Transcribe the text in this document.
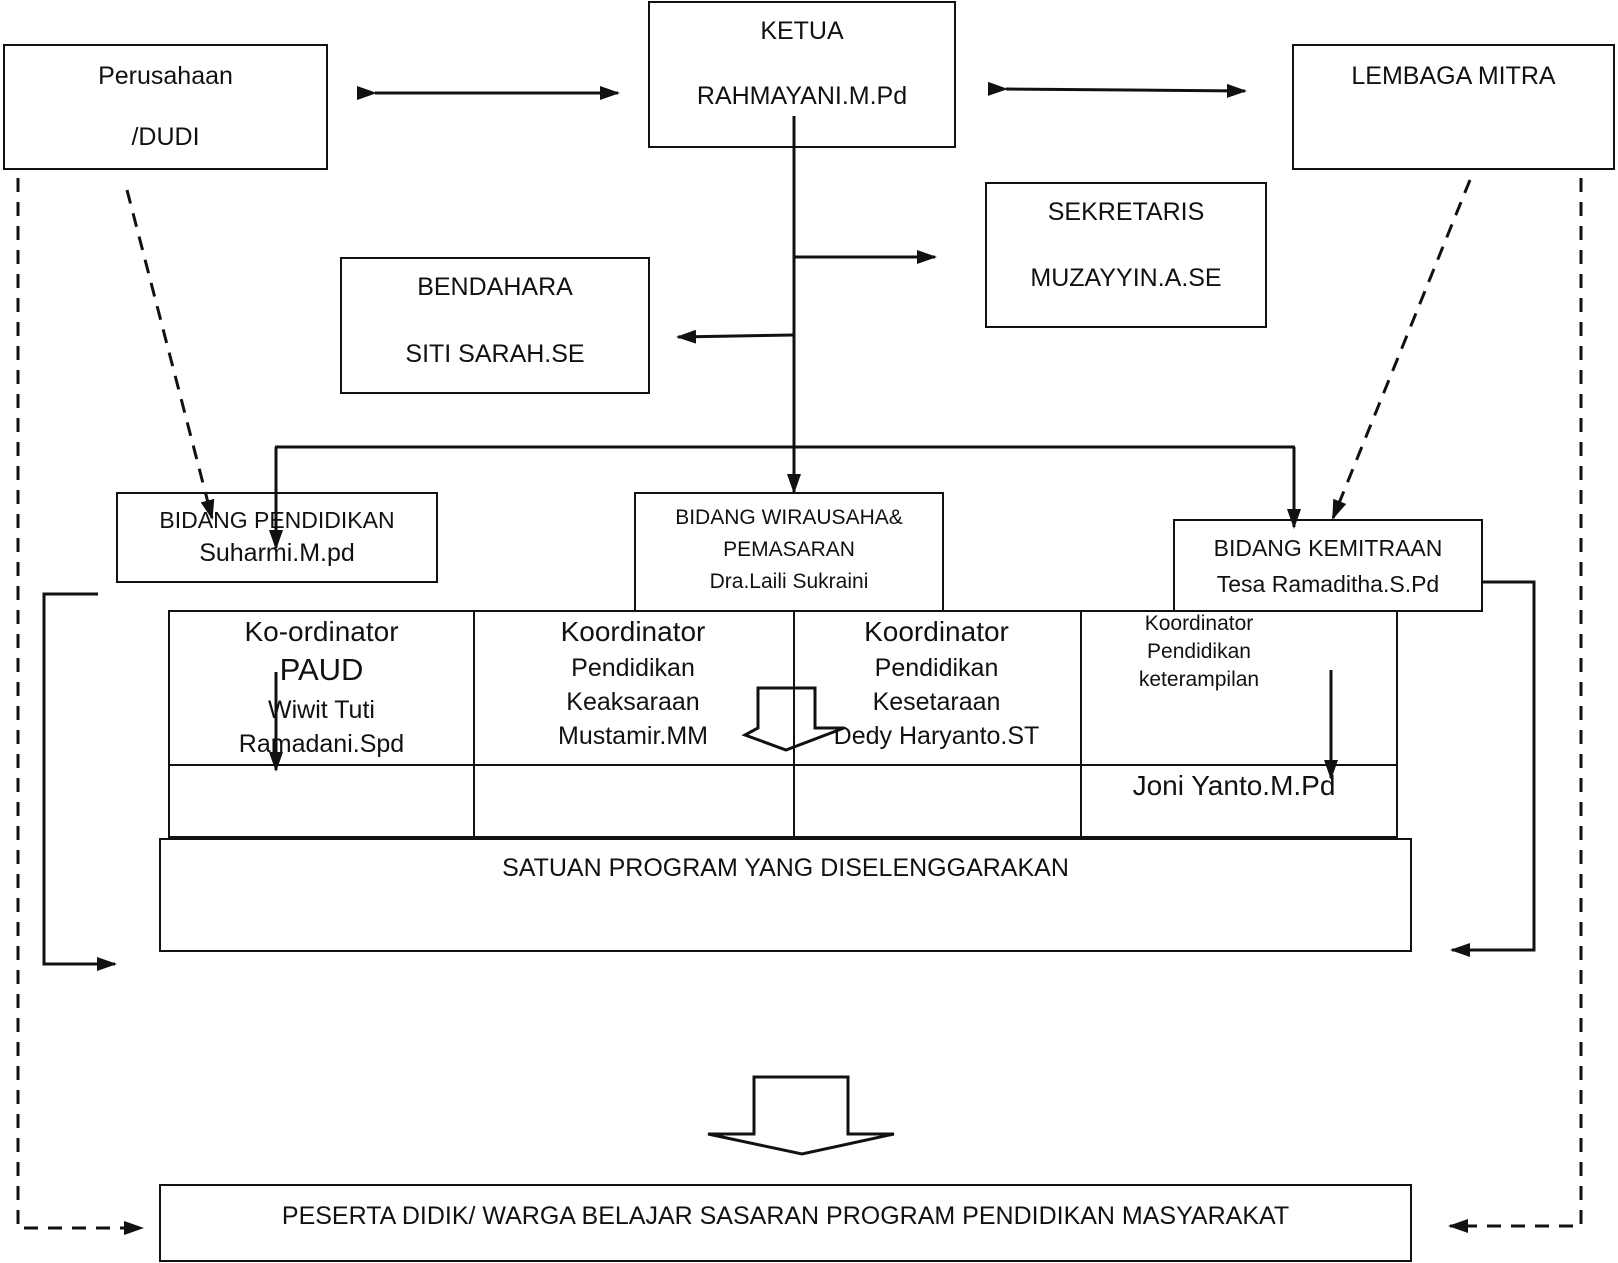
Perusahaan
/DUDI
KETUA
RAHMAYANI.M.Pd
LEMBAGA MITRA
SEKRETARIS
MUZAYYIN.A.SE
BENDAHARA
SITI SARAH.SE
BIDANG PENDIDIKAN
Suharmi.M.pd
BIDANG WIRAUSAHA&
PEMASARAN
Dra.Laili Sukraini
BIDANG KEMITRAAN
Tesa Ramaditha.S.Pd
Ko-ordinator
PAUD
Wiwit Tuti
Ramadani.Spd
Koordinator
Pendidikan
Keaksaraan
Mustamir.MM
Koordinator
Pendidikan
Kesetaraan
Dedy Haryanto.ST
Koordinator
Pendidikan
keterampilan
Joni Yanto.M.Pd
SATUAN PROGRAM YANG DISELENGGARAKAN
PESERTA DIDIK/ WARGA BELAJAR SASARAN PROGRAM PENDIDIKAN MASYARAKAT
